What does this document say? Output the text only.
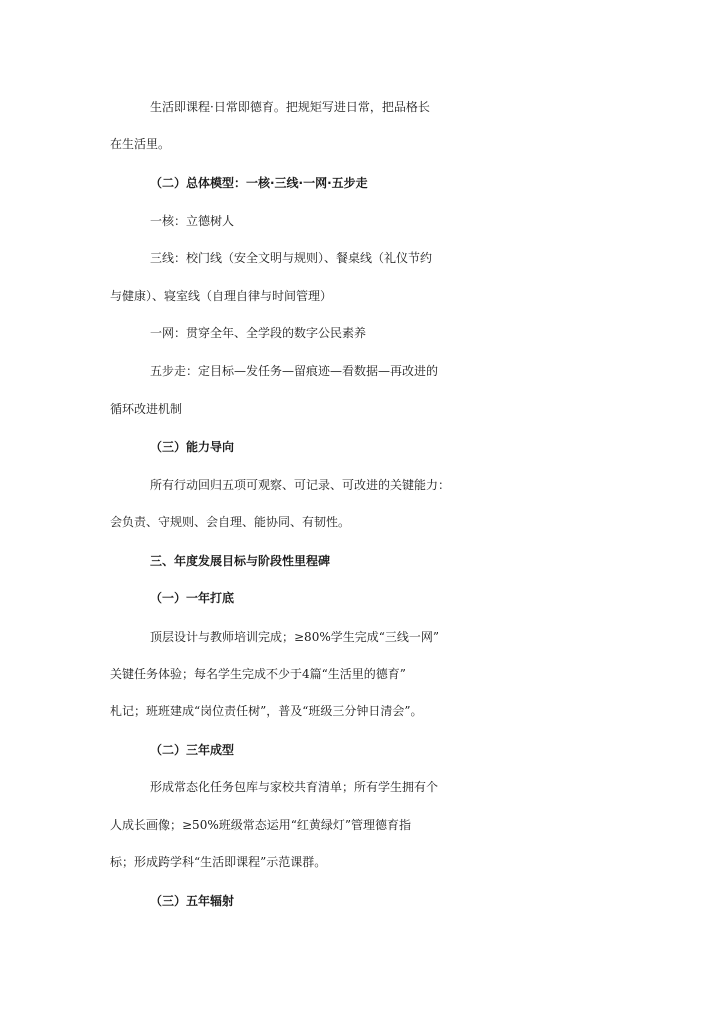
生活即课程·日常即德育。把规矩写进日常，把品格长
在生活里。
（二）总体模型：一核·三线·一网·五步走
一核：立德树人
三线：校门线（安全文明与规则）、餐桌线（礼仪节约
与健康）、寝室线（自理自律与时间管理）
一网：贯穿全年、全学段的数字公民素养
五步走：定目标—发任务—留痕迹—看数据—再改进的
循环改进机制
（三）能力导向
所有行动回归五项可观察、可记录、可改进的关键能力：
会负责、守规则、会自理、能协同、有韧性。
三、年度发展目标与阶段性里程碑
（一）一年打底
顶层设计与教师培训完成；≥80%学生完成“三线一网”
关键任务体验；每名学生完成不少于4篇“生活里的德育”
札记；班班建成“岗位责任树”，普及“班级三分钟日清会”。
（二）三年成型
形成常态化任务包库与家校共育清单；所有学生拥有个
人成长画像；≥50%班级常态运用“红黄绿灯”管理德育指
标；形成跨学科“生活即课程”示范课群。
（三）五年辐射
